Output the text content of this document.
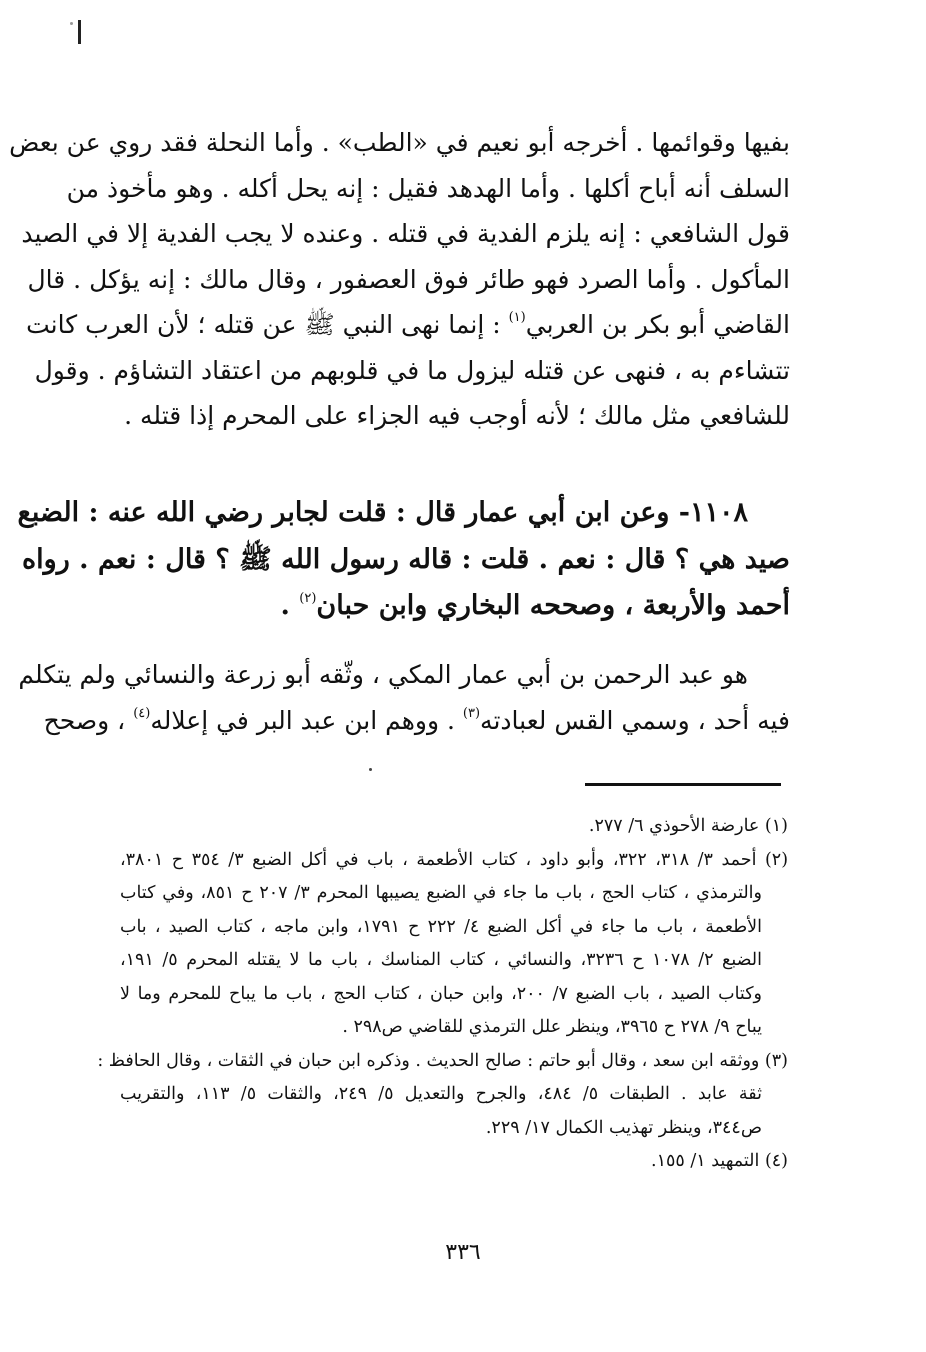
بفيها وقوائمها . أخرجه أبو نعيم في «الطب» . وأما النحلة فقد روي عن بعض
السلف أنه أباح أكلها . وأما الهدهد فقيل : إنه يحل أكله . وهو مأخوذ من
قول الشافعي : إنه يلزم الفدية في قتله . وعنده لا يجب الفدية إلا في الصيد
المأكول . وأما الصرد فهو طائر فوق العصفور ، وقال مالك : إنه يؤكل . قال
القاضي أبو بكر بن العربي$^{(١)}$ : إنما نهى النبي ﷺ عن قتله ؛ لأن العرب كانت
تتشاءم به ، فنهى عن قتله ليزول ما في قلوبهم من اعتقاد التشاؤم . وقول
للشافعي مثل مالك ؛ لأنه أوجب فيه الجزاء على المحرم إذا قتله .
١١٠٨- وعن ابن أبي عمار قال : قلت لجابر رضي الله عنه : الضبع
صيد هي ؟ قال : نعم . قلت : قاله رسول الله ﷺ ؟ قال : نعم . رواه
أحمد والأربعة ، وصححه البخاري وابن حبان$^{(٢)}$ .
هو عبد الرحمن بن أبي عمار المكي ، وثّقه أبو زرعة والنسائي ولم يتكلم
فيه أحد ، وسمي القس لعبادته$^{(٣)}$ . ووهم ابن عبد البر في إعلاله$^{(٤)}$ ، وصحح
(١) عارضة الأحوذي ٦/ ٢٧٧.
(٢) أحمد ٣/ ٣١٨، ٣٢٢، وأبو داود ، كتاب الأطعمة ، باب في أكل الضبع ٣/ ٣٥٤ ح ٣٨٠١،
والترمذي ، كتاب الحج ، باب ما جاء في الضبع يصيبها المحرم ٣/ ٢٠٧ ح ٨٥١، وفي كتاب
الأطعمة ، باب ما جاء في أكل الضبع ٤/ ٢٢٢ ح ١٧٩١، وابن ماجه ، كتاب الصيد ، باب
الضبع ٢/ ١٠٧٨ ح ٣٢٣٦، والنسائي ، كتاب المناسك ، باب ما لا يقتله المحرم ٥/ ١٩١،
وكتاب الصيد ، باب الضبع ٧/ ٢٠٠، وابن حبان ، كتاب الحج ، باب ما يباح للمحرم وما لا
يباح ٩/ ٢٧٨ ح ٣٩٦٥، وينظر علل الترمذي للقاضي ص٢٩٨ .
(٣) ووثقه ابن سعد ، وقال أبو حاتم : صالح الحديث . وذكره ابن حبان في الثقات ، وقال الحافظ :
ثقة عابد . الطبقات ٥/ ٤٨٤، والجرح والتعديل ٥/ ٢٤٩، والثقات ٥/ ١١٣، والتقريب
ص٣٤٤، وينظر تهذيب الكمال ١٧/ ٢٢٩.
(٤) التمهيد ١/ ١٥٥.
٣٣٦
